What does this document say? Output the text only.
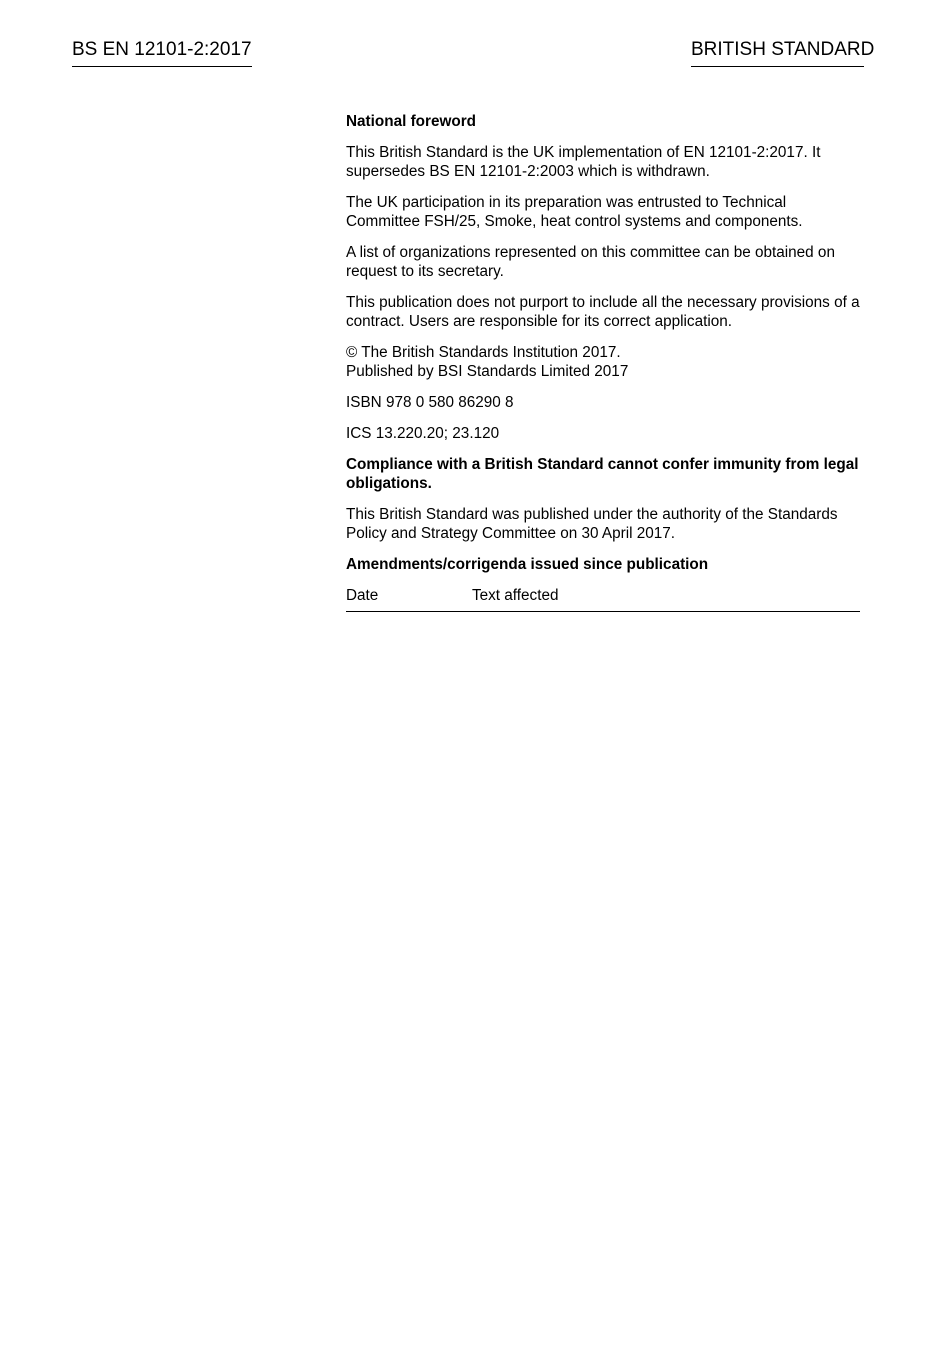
BS EN 12101-2:2017	BRITISH STANDARD

National foreword

This British Standard is the UK implementation of EN 12101-2:2017. It supersedes BS EN 12101-2:2003 which is withdrawn.

The UK participation in its preparation was entrusted to Technical Committee FSH/25, Smoke, heat control systems and components.

A list of organizations represented on this committee can be obtained on request to its secretary.

This publication does not purport to include all the necessary provisions of a contract. Users are responsible for its correct application.

© The British Standards Institution 2017.
Published by BSI Standards Limited 2017

ISBN 978 0 580 86290 8

ICS 13.220.20; 23.120

Compliance with a British Standard cannot confer immunity from legal obligations.

This British Standard was published under the authority of the Standards Policy and Strategy Committee on 30 April 2017.

Amendments/corrigenda issued since publication

Date	Text affected
